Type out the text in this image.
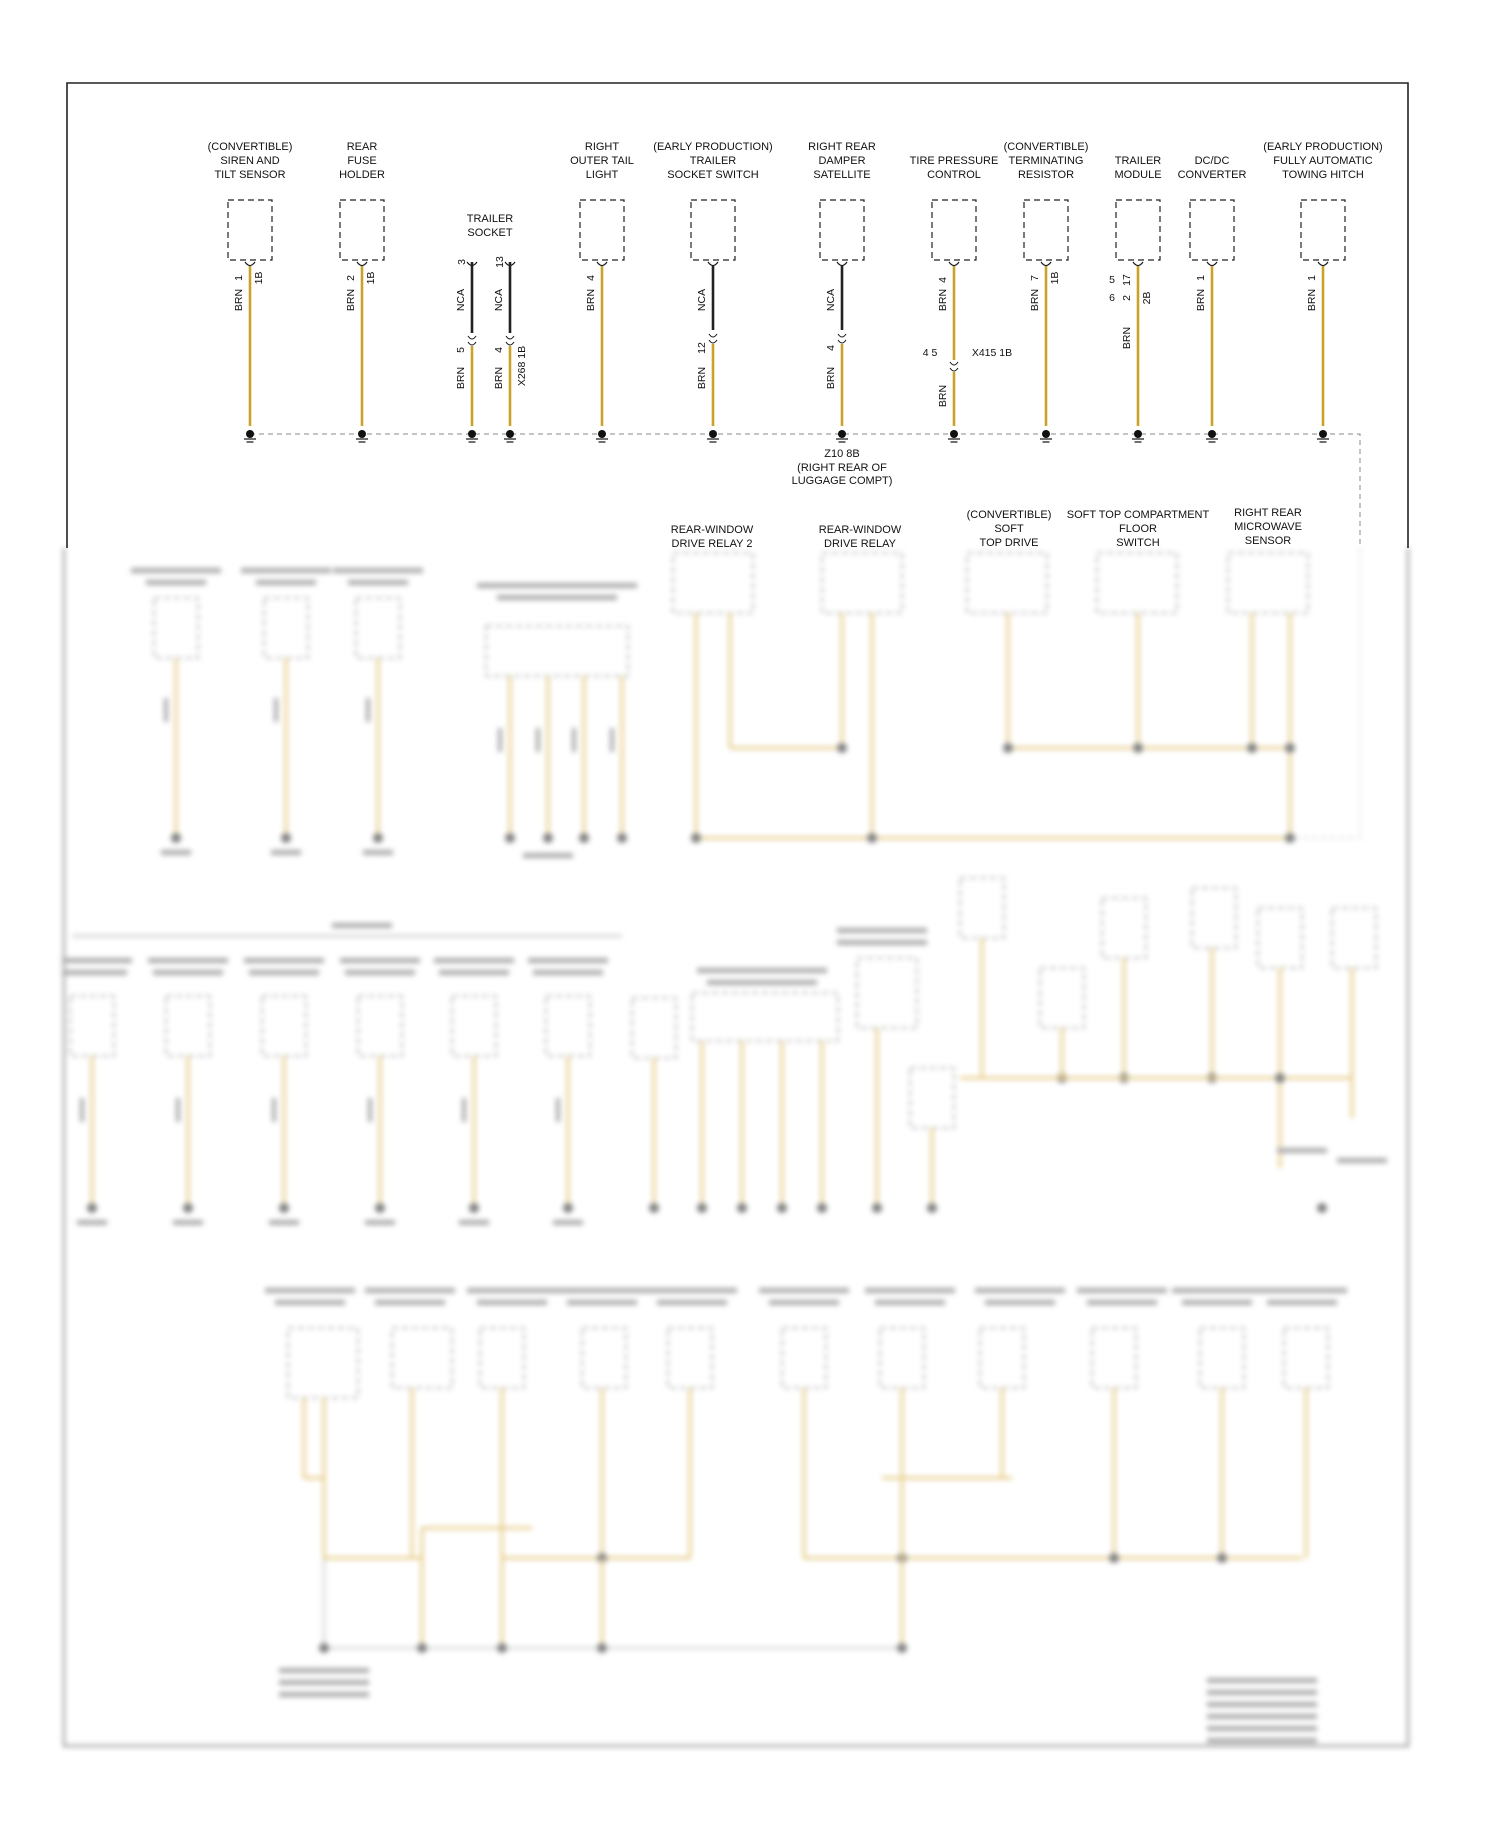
(CONVERTIBLE)
SIREN AND
TILT SENSOR
1 1B
BRN
REAR
FUSE
HOLDER
2 1B
BRN
TRAILER
SOCKET
3
NCA
5
BRN
13
NCA
4
BRN X268 1B
RIGHT
OUTER TAIL
LIGHT
4
BRN
(EARLY PRODUCTION)
TRAILER
SOCKET SWITCH
NCA
12
BRN
RIGHT REAR
DAMPER
SATELLITE
NCA
4
BRN
TIRE PRESSURE
CONTROL
4
BRN
4 5	X415 1B
BRN
(CONVERTIBLE)
TERMINATING
RESISTOR
7 1B
BRN
TRAILER
MODULE
5
6
17
2 2B
BRN
DC/DC
CONVERTER
1
BRN
(EARLY PRODUCTION)
FULLY AUTOMATIC
TOWING HITCH
1
BRN
Z10 8B
(RIGHT REAR OF
LUGGAGE COMPT)
REAR-WINDOW
DRIVE RELAY 2
REAR-WINDOW
DRIVE RELAY
(CONVERTIBLE)
SOFT
TOP DRIVE
SOFT TOP COMPARTMENT
FLOOR
SWITCH
RIGHT REAR
MICROWAVE
SENSOR
